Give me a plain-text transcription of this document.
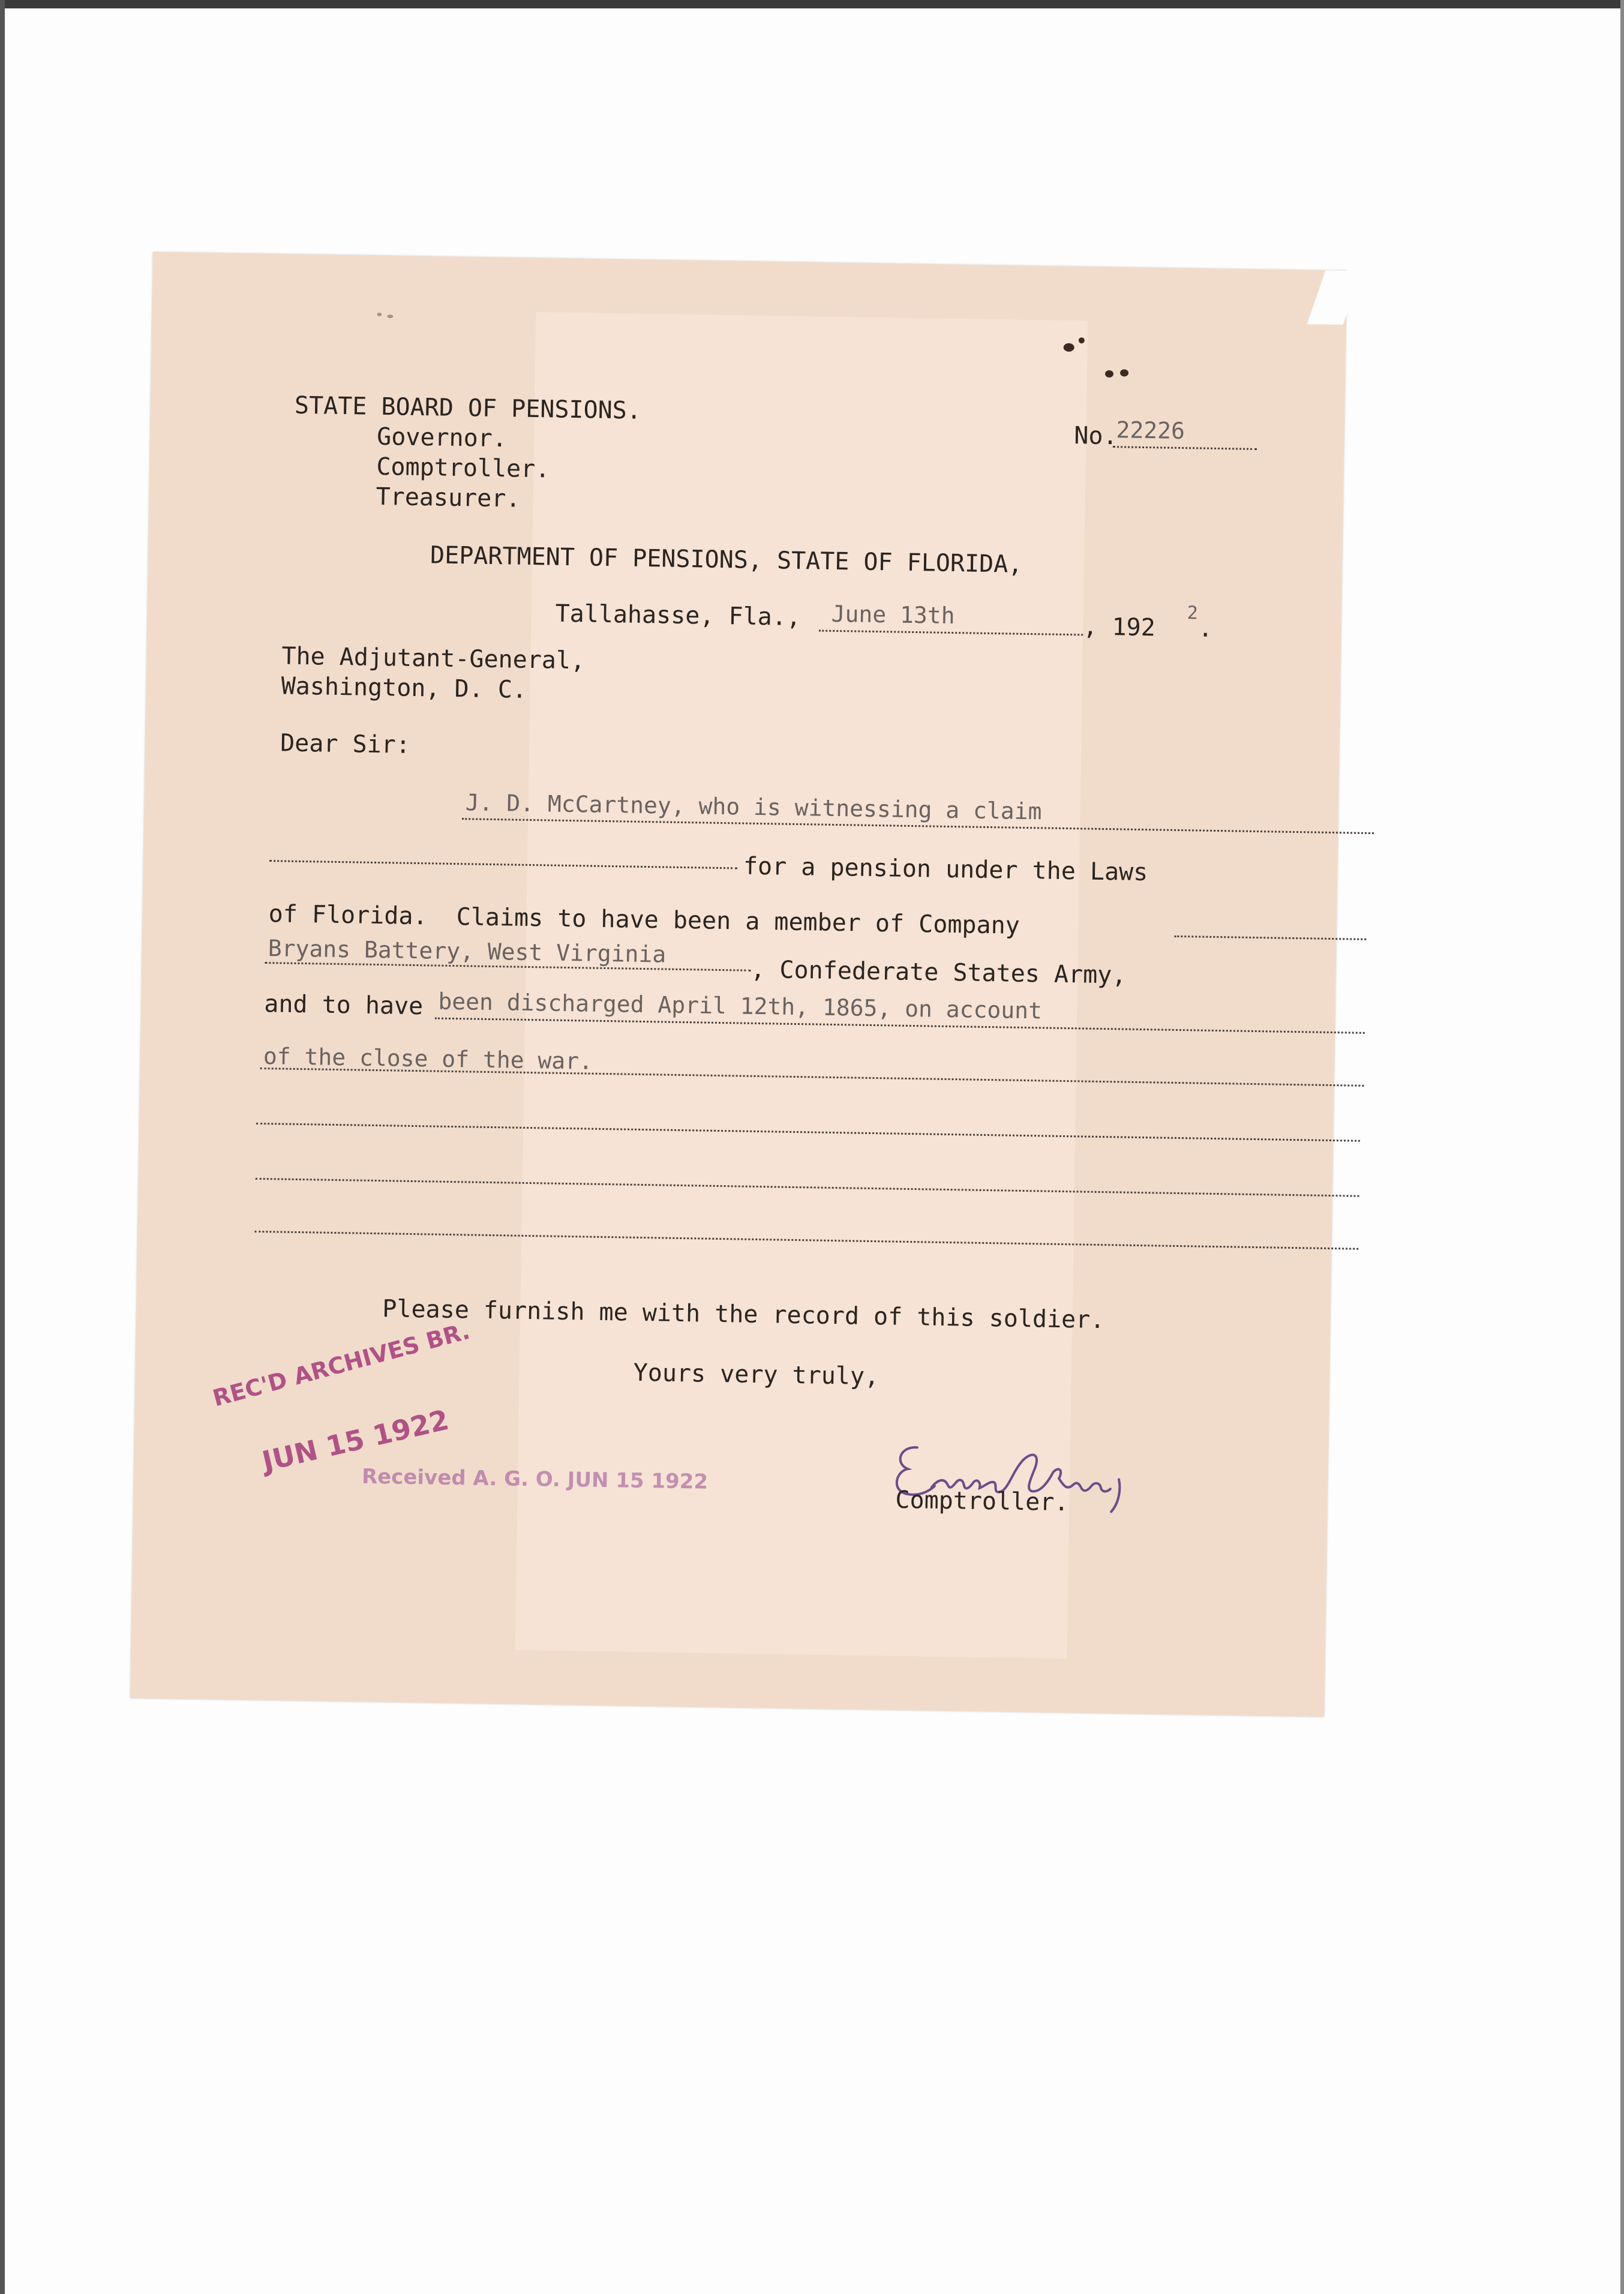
STATE BOARD OF PENSIONS.
Governor.
Comptroller.
Treasurer.
No.
22226
DEPARTMENT OF PENSIONS, STATE OF FLORIDA,
Tallahasse, Fla., June 13th	, 192 2
.
The Adjutant-General,
Washington, D. C.
Dear Sir:
J. D. McCartney, who is witnessing a claim
for a pension under the Laws
of Florida.  Claims to have been a member of Company
Bryans Battery, West Virginia
, Confederate States Army,
and to have been discharged April 12th, 1865, on account
of the close of the war.
Please furnish me with the record of this soldier.
Yours very truly,
Comptroller.
Received A. G. O. JUN 15 1922
REC'D ARCHIVES BR.
JUN 15 1922
